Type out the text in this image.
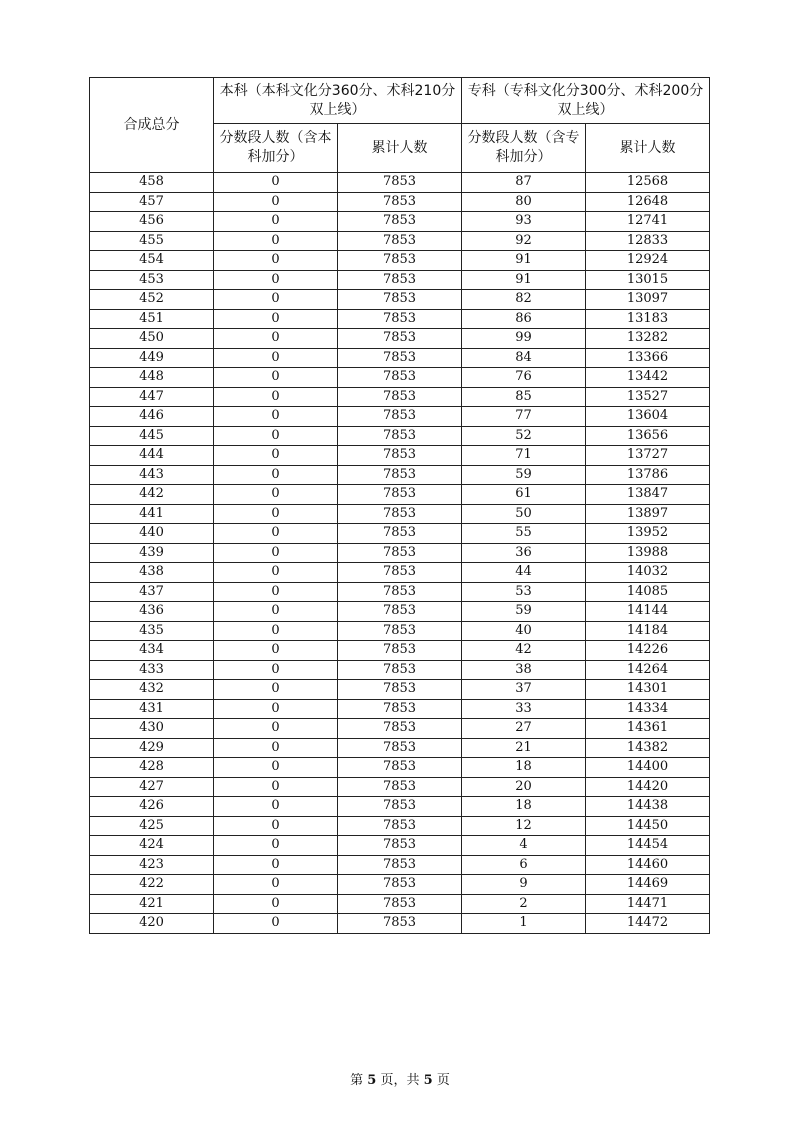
合成总分	本科（本科文化分360分、术科210分双上线）		专科（专科文化分300分、术科200分双上线）	
	分数段人数（含本科加分）	累计人数	分数段人数（含专科加分）	累计人数
458	0	7853	87	12568
457	0	7853	80	12648
456	0	7853	93	12741
455	0	7853	92	12833
454	0	7853	91	12924
453	0	7853	91	13015
452	0	7853	82	13097
451	0	7853	86	13183
450	0	7853	99	13282
449	0	7853	84	13366
448	0	7853	76	13442
447	0	7853	85	13527
446	0	7853	77	13604
445	0	7853	52	13656
444	0	7853	71	13727
443	0	7853	59	13786
442	0	7853	61	13847
441	0	7853	50	13897
440	0	7853	55	13952
439	0	7853	36	13988
438	0	7853	44	14032
437	0	7853	53	14085
436	0	7853	59	14144
435	0	7853	40	14184
434	0	7853	42	14226
433	0	7853	38	14264
432	0	7853	37	14301
431	0	7853	33	14334
430	0	7853	27	14361
429	0	7853	21	14382
428	0	7853	18	14400
427	0	7853	20	14420
426	0	7853	18	14438
425	0	7853	12	14450
424	0	7853	4	14454
423	0	7853	6	14460
422	0	7853	9	14469
421	0	7853	2	14471
420	0	7853	1	14472
第 5 页，共 5 页
